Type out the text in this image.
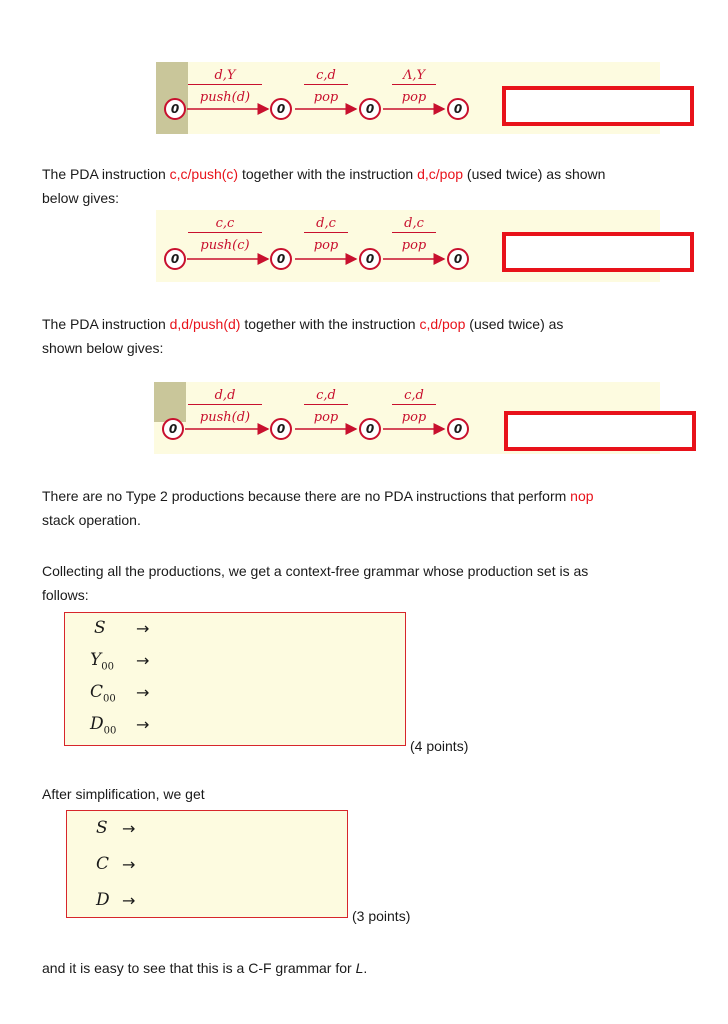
0	0	0	0
d,Y
push(d)
c,d
pop
Λ,Y
pop
The PDA instruction c,c/push(c) together with the instruction d,c/pop (used twice) as shown
below gives:
0	0	0	0
c,c
push(c)
d,c
pop
d,c
pop
The PDA instruction d,d/push(d) together with the instruction c,d/pop (used twice) as
shown below gives:
0	0	0	0
d,d
push(d)
c,d
pop
c,d
pop
There are no Type 2 productions because there are no PDA instructions that perform nop
stack operation.
Collecting all the productions, we get a context-free grammar whose production set is as
follows:
S →
$Y_{00}$ →
$C_{00}$ →
$D_{00}$ →
(4 points)
After simplification, we get
S →
C →
D →
(3 points)
and it is easy to see that this is a C-F grammar for L.
